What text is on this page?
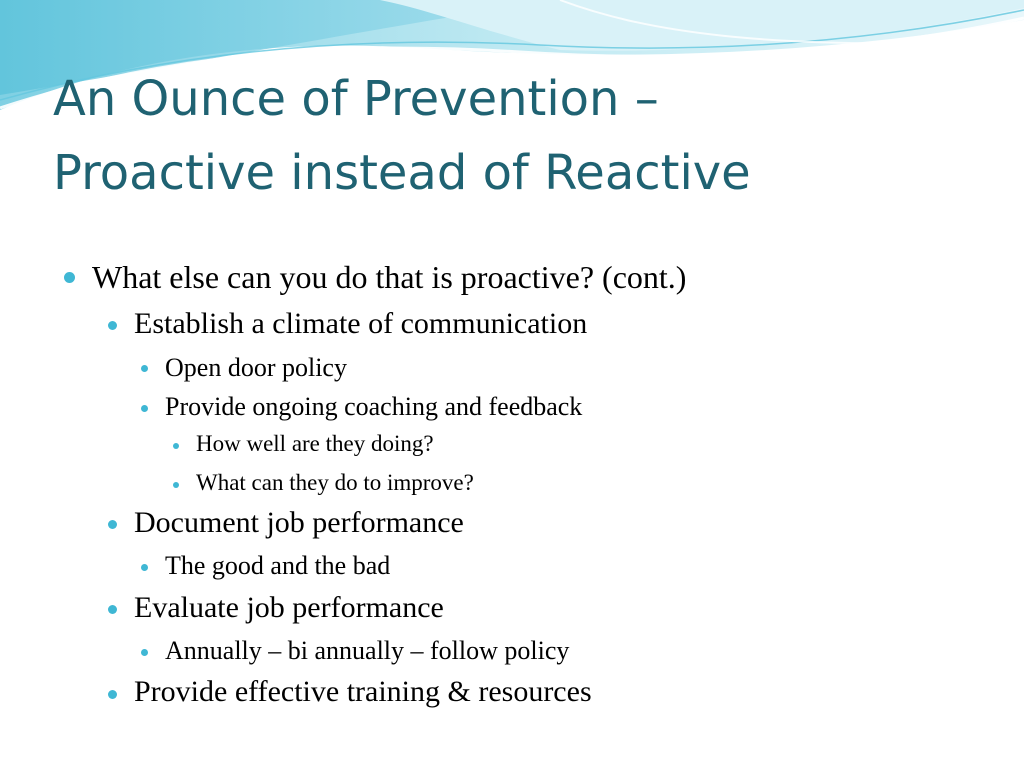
An Ounce of Prevention –
Proactive instead of Reactive
What else can you do that is proactive? (cont.)
Establish a climate of communication
Open door policy
Provide ongoing coaching and feedback
How well are they doing?
What can they do to improve?
Document job performance
The good and the bad
Evaluate job performance
Annually – bi annually – follow policy
Provide effective training & resources
